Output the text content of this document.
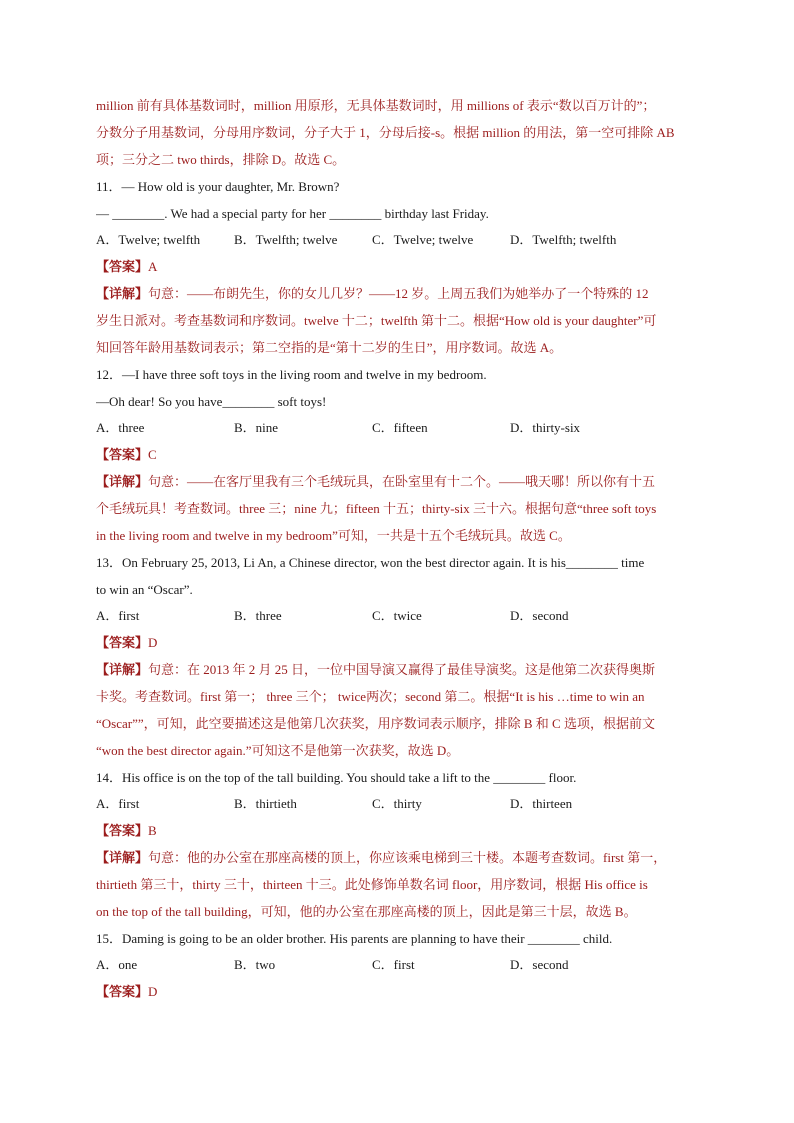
million 前有具体基数词时，million 用原形，无具体基数词时，用 millions of 表示“数以百万计的”；
分数分子用基数词，分母用序数词，分子大于 1，分母后接-s。根据 million 的用法，第一空可排除 AB
项；三分之二 two thirds，排除 D。故选 C。
11．— How old is your daughter, Mr. Brown?
— ________. We had a special party for her ________ birthday last Friday.
A．Twelve; twelfth	B．Twelfth; twelve	C．Twelve; twelve	D．Twelfth; twelfth
【答案】A
【详解】句意：——布朗先生，你的女儿几岁？——12 岁。上周五我们为她举办了一个特殊的 12
岁生日派对。考查基数词和序数词。twelve 十二；twelfth 第十二。根据“How old is your daughter”可
知回答年龄用基数词表示；第二空指的是“第十二岁的生日”，用序数词。故选 A。
12．—I have three soft toys in the living room and twelve in my bedroom.
—Oh dear! So you have________ soft toys!
A．three	B．nine	C．fifteen	D．thirty-six
【答案】C
【详解】句意：——在客厅里我有三个毛绒玩具，在卧室里有十二个。——哦天哪！所以你有十五
个毛绒玩具！考查数词。three 三；nine 九；fifteen 十五；thirty-six 三十六。根据句意“three soft toys
in the living room and twelve in my bedroom”可知，一共是十五个毛绒玩具。故选 C。
13．On February 25, 2013, Li An, a Chinese director, won the best director again. It is his________ time
to win an “Oscar”.
A．first	B．three	C．twice	D．second
【答案】D
【详解】句意：在 2013 年 2 月 25 日，一位中国导演又赢得了最佳导演奖。这是他第二次获得奥斯
卡奖。考查数词。first 第一； three 三个； twice两次；second 第二。根据“It is his …time to win an
“Oscar””，可知，此空要描述这是他第几次获奖，用序数词表示顺序，排除 B 和 C 选项，根据前文
“won the best director again.”可知这不是他第一次获奖，故选 D。
14．His office is on the top of the tall building. You should take a lift to the ________ floor.
A．first	B．thirtieth	C．thirty	D．thirteen
【答案】B
【详解】句意：他的办公室在那座高楼的顶上，你应该乘电梯到三十楼。本题考查数词。first 第一，
thirtieth 第三十，thirty 三十，thirteen 十三。此处修饰单数名词 floor，用序数词，根据 His office is
on the top of the tall building，可知，他的办公室在那座高楼的顶上，因此是第三十层，故选 B。
15．Daming is going to be an older brother. His parents are planning to have their ________ child.
A．one	B．two	C．first	D．second
【答案】D
